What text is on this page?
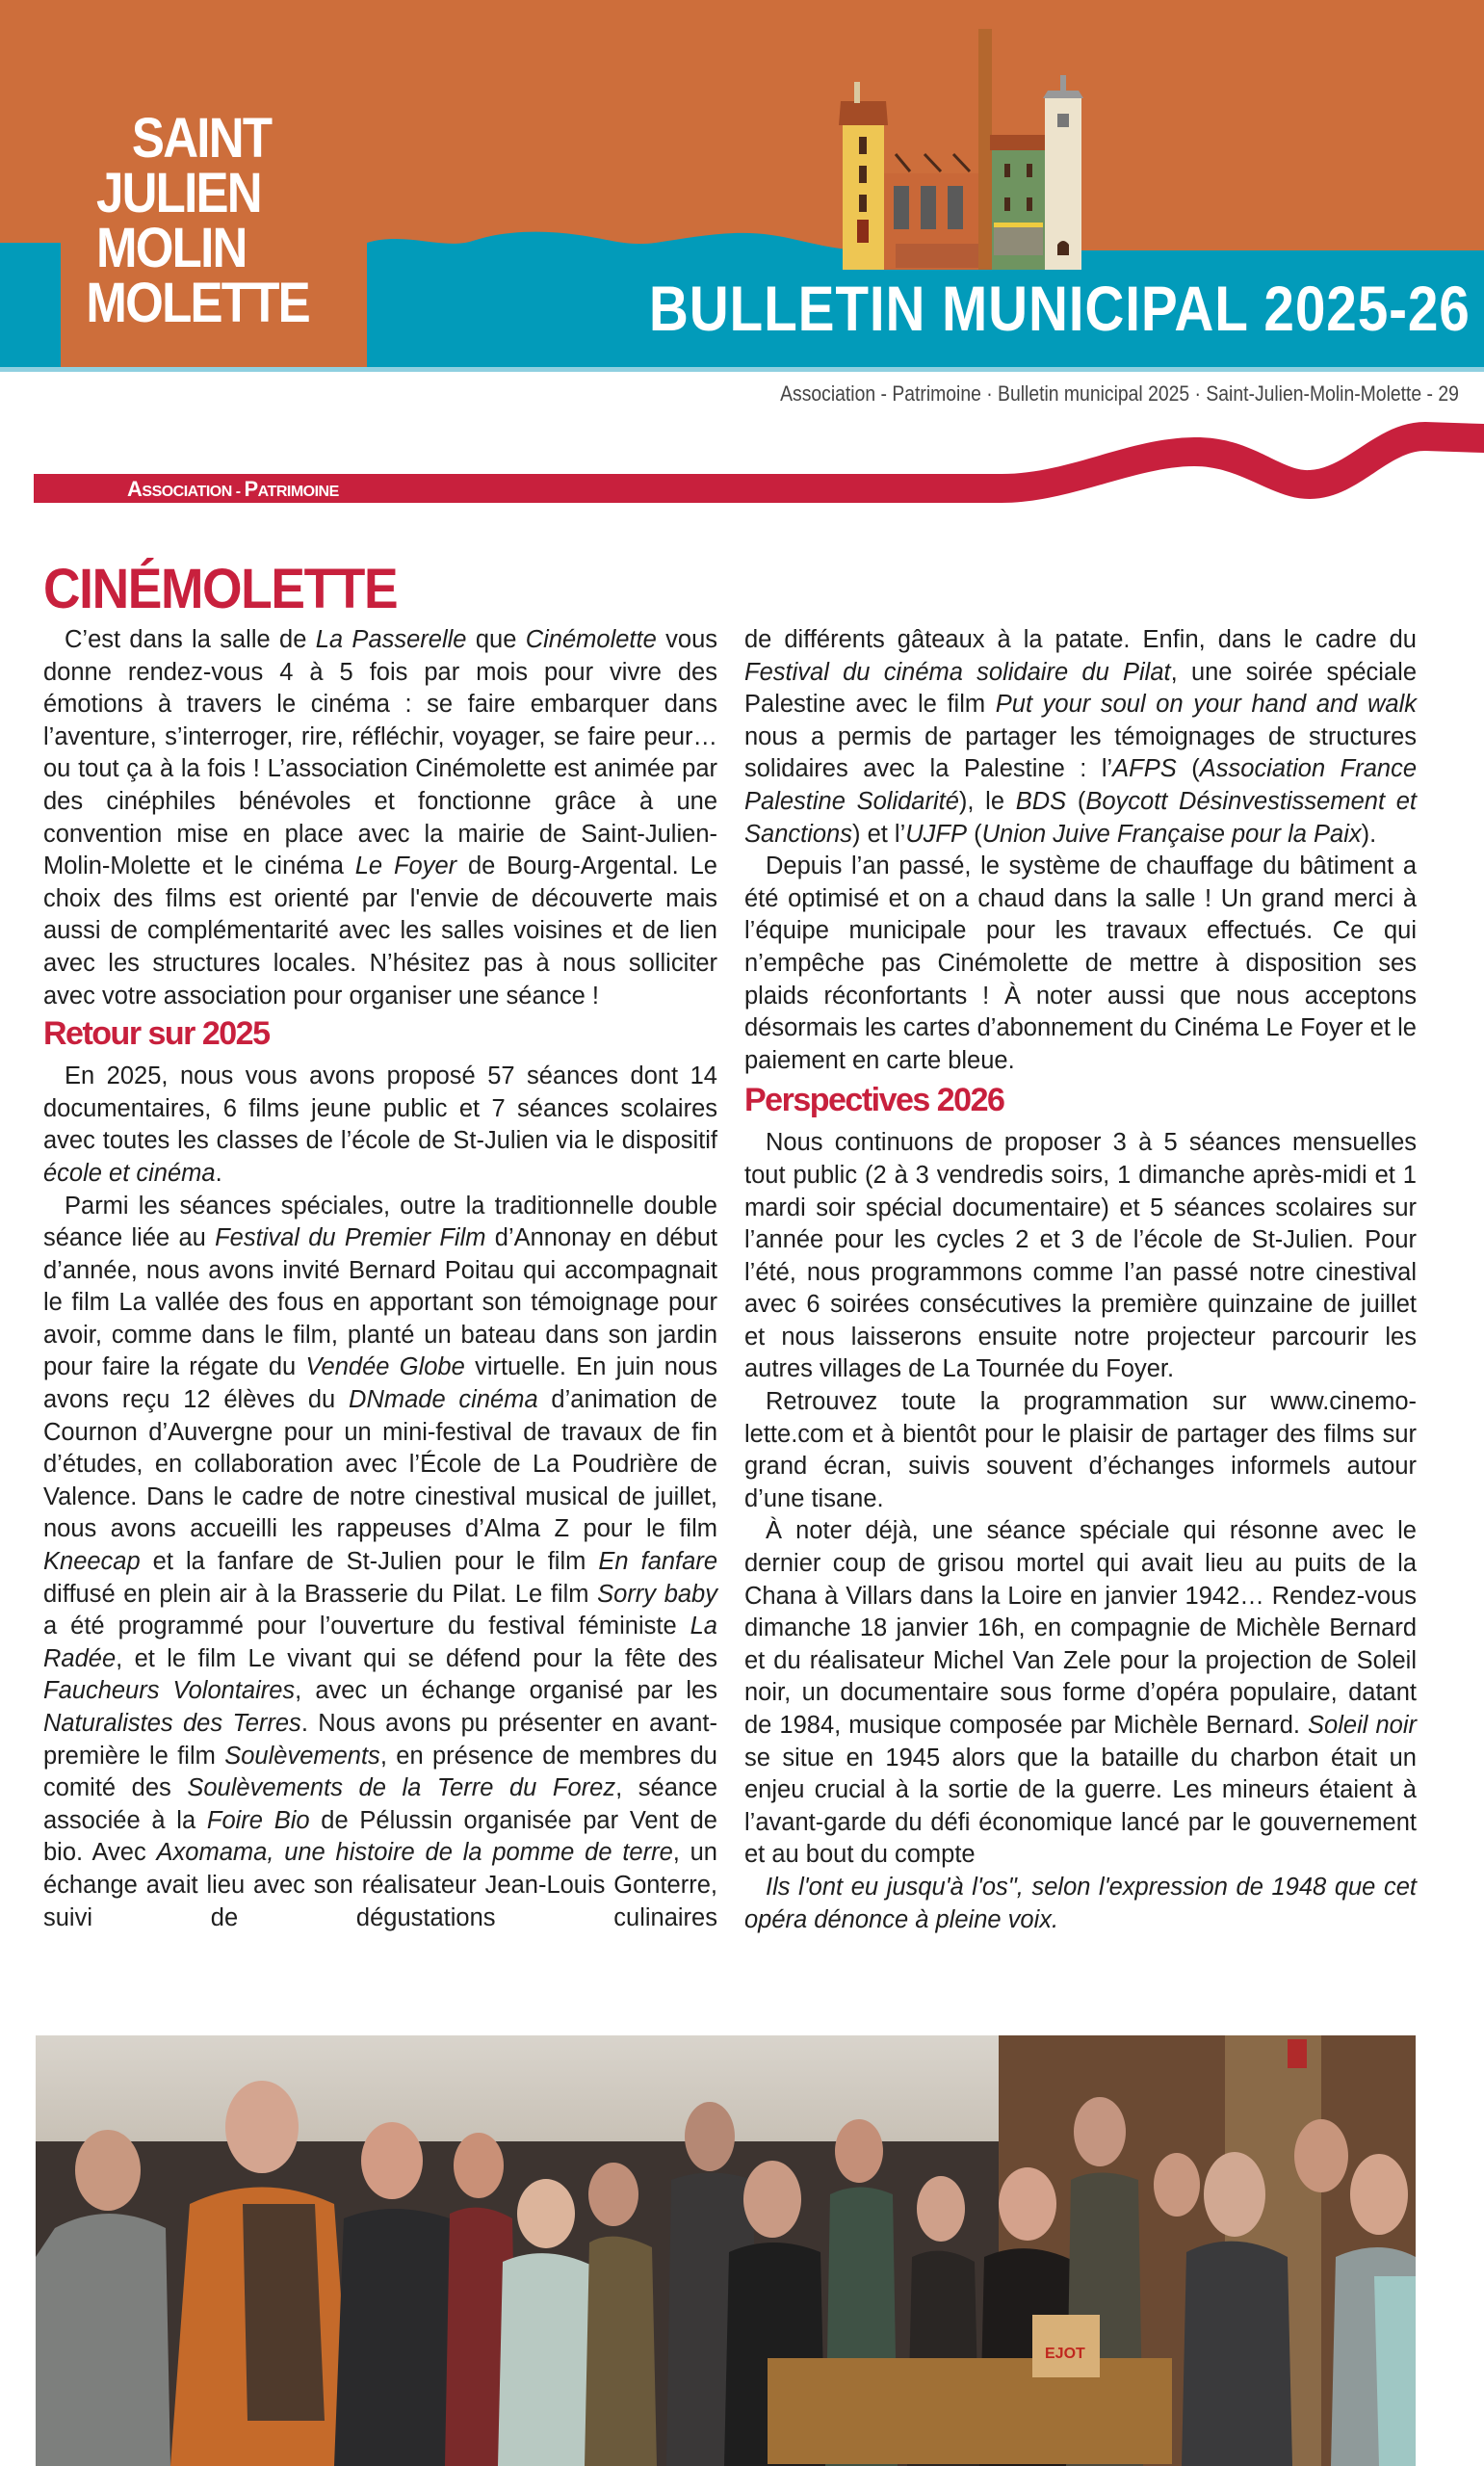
SAINT
JULIEN
MOLIN
MOLETTE	BULLETIN MUNICIPAL 2025-26
Association - Patrimoine · Bulletin municipal 2025 · Saint-Julien-Molin-Molette - 29
ASSOCIATION - PATRIMOINE
CINÉMOLETTE

C’est dans la salle de La Passerelle que Cinémolette vous donne rendez-vous 4 à 5 fois par mois pour vivre des émotions à travers le cinéma : se faire embarquer dans l’aventure, s’interroger, rire, réfléchir, voyager, se faire peur… ou tout ça à la fois ! L’association Cinémolette est animée par des cinéphiles bénévoles et fonctionne grâce à une convention mise en place avec la mairie de Saint-Julien-Molin-Molette et le cinéma Le Foyer de Bourg-Argental. Le choix des films est orienté par l'envie de découverte mais aussi de complémentarité avec les salles voisines et de lien avec les structures locales. N’hésitez pas à nous solliciter avec votre association pour organiser une séance !

Retour sur 2025

En 2025, nous vous avons proposé 57 séances dont 14 documentaires, 6 films jeune public et 7 séances scolaires avec toutes les classes de l’école de St-Julien via le dispositif école et cinéma.

Parmi les séances spéciales, outre la traditionnelle double séance liée au Festival du Premier Film d’Annonay en début d’année, nous avons invité Bernard Poitau qui accompagnait le film La vallée des fous en apportant son témoignage pour avoir, comme dans le film, planté un bateau dans son jardin pour faire la régate du Vendée Globe virtuelle. En juin nous avons reçu 12 élèves du DNmade cinéma d’animation de Cournon d’Auvergne pour un mini-festival de travaux de fin d’études, en collaboration avec l’École de La Poudrière de Valence. Dans le cadre de notre cinestival musical de juillet, nous avons accueilli les rappeuses d’Alma Z pour le film Kneecap et la fanfare de St-Julien pour le film En fanfare diffusé en plein air à la Brasserie du Pilat. Le film Sorry baby a été programmé pour l’ouverture du festival féministe La Radée, et le film Le vivant qui se défend pour la fête des Faucheurs Volontaires, avec un échange organisé par les Naturalistes des Terres. Nous avons pu présenter en avant-première le film Soulèvements, en présence de membres du comité des Soulèvements de la Terre du Forez, séance associée à la Foire Bio de Pélussin organisée par Vent de bio. Avec Axomama, une histoire de la pomme de terre, un échange avait lieu avec son réalisateur Jean-Louis Gonterre, suivi de dégustations culinaires

de différents gâteaux à la patate. Enfin, dans le cadre du Festival du cinéma solidaire du Pilat, une soirée spéciale Palestine avec le film Put your soul on your hand and walk nous a permis de partager les témoignages de structures solidaires avec la Palestine : l’AFPS (Association France Palestine Solidarité), le BDS (Boycott Désinvestissement et Sanctions) et l’UJFP (Union Juive Française pour la Paix).

Depuis l’an passé, le système de chauffage du bâtiment a été optimisé et on a chaud dans la salle ! Un grand merci à l’équipe municipale pour les travaux effectués. Ce qui n’empêche pas Cinémolette de mettre à disposition ses plaids réconfortants ! À noter aussi que nous acceptons désormais les cartes d’abonnement du Cinéma Le Foyer et le paiement en carte bleue.

Perspectives 2026

Nous continuons de proposer 3 à 5 séances mensuelles tout public (2 à 3 vendredis soirs, 1 dimanche après-midi et 1 mardi soir spécial documentaire) et 5 séances scolaires sur l’année pour les cycles 2 et 3 de l’école de St-Julien. Pour l’été, nous programmons comme l’an passé notre cinestival avec 6 soirées consécutives la première quinzaine de juillet et nous laisserons ensuite notre projecteur parcourir les autres villages de La Tournée du Foyer.

Retrouvez toute la programmation sur www.cinemolette.com et à bientôt pour le plaisir de partager des films sur grand écran, suivis souvent d’échanges informels autour d’une tisane.

À noter déjà, une séance spéciale qui résonne avec le dernier coup de grisou mortel qui avait lieu au puits de la Chana à Villars dans la Loire en janvier 1942… Rendez-vous dimanche 18 janvier 16h, en compagnie de Michèle Bernard et du réalisateur Michel Van Zele pour la projection de Soleil noir, un documentaire sous forme d’opéra populaire, datant de 1984, musique composée par Michèle Bernard. Soleil noir se situe en 1945 alors que la bataille du charbon était un enjeu crucial à la sortie de la guerre. Les mineurs étaient à l’avant-garde du défi économique lancé par le gouvernement et au bout du compte

Ils l'ont eu jusqu'à l'os", selon l'expression de 1948 que cet opéra dénonce à pleine voix.

EJOT
